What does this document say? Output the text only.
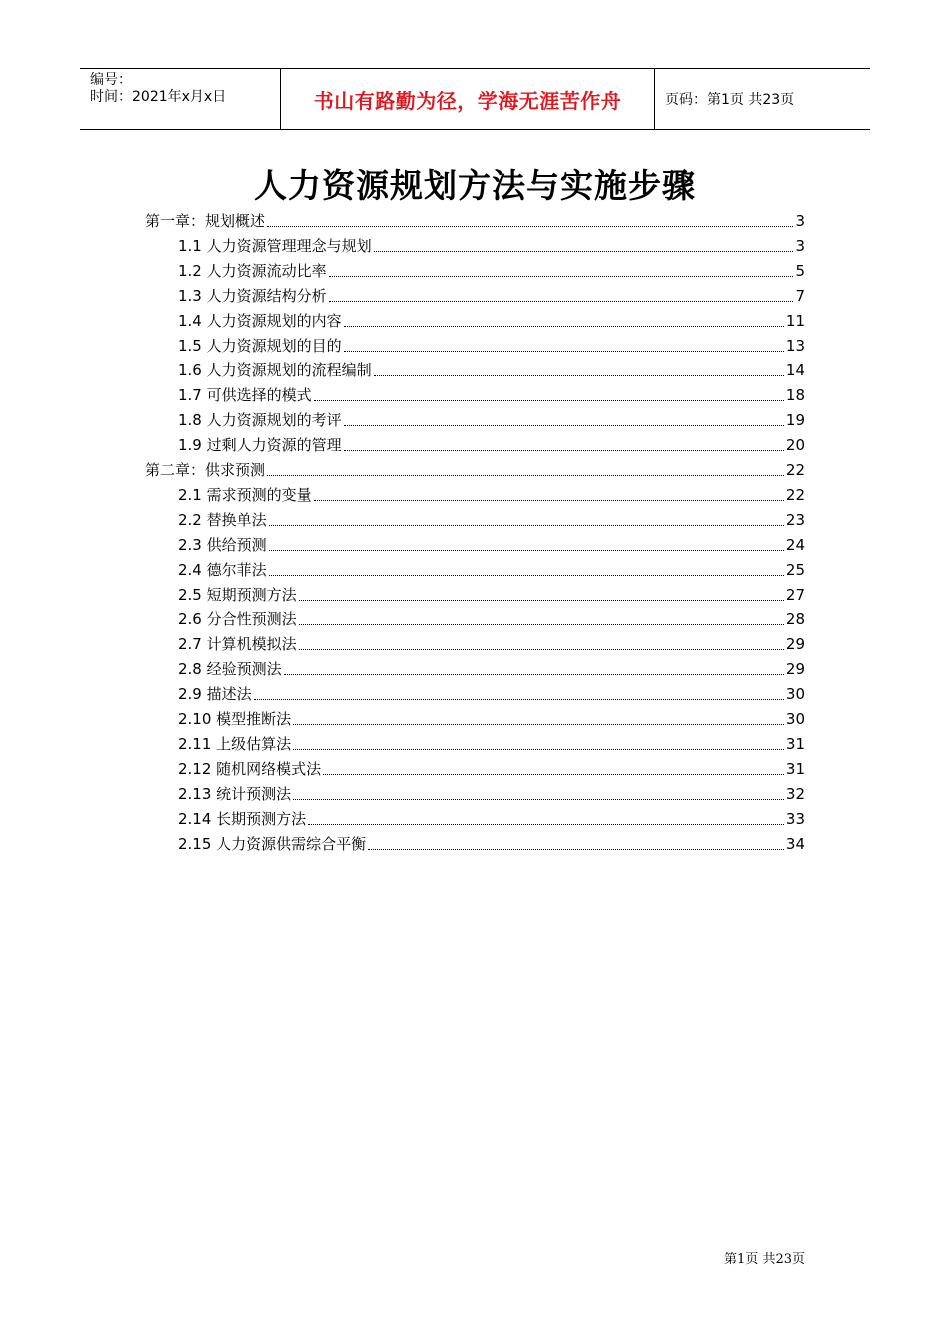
编号：
时间：2021年x月x日	书山有路勤为径，学海无涯苦作舟	页码：第1页 共23页
人力资源规划方法与实施步骤
第一章：规划概述	3
1.1 人力资源管理理念与规划	3
1.2 人力资源流动比率	5
1.3 人力资源结构分析	7
1.4 人力资源规划的内容	11
1.5 人力资源规划的目的	13
1.6 人力资源规划的流程编制	14
1.7 可供选择的模式	18
1.8 人力资源规划的考评	19
1.9 过剩人力资源的管理	20
第二章：供求预测	22
2.1 需求预测的变量	22
2.2 替换单法	23
2.3 供给预测	24
2.4 德尔菲法	25
2.5 短期预测方法	27
2.6 分合性预测法	28
2.7 计算机模拟法	29
2.8 经验预测法	29
2.9 描述法	30
2.10 模型推断法	30
2.11 上级估算法	31
2.12 随机网络模式法	31
2.13 统计预测法	32
2.14 长期预测方法	33
2.15 人力资源供需综合平衡	34
第1页 共23页
